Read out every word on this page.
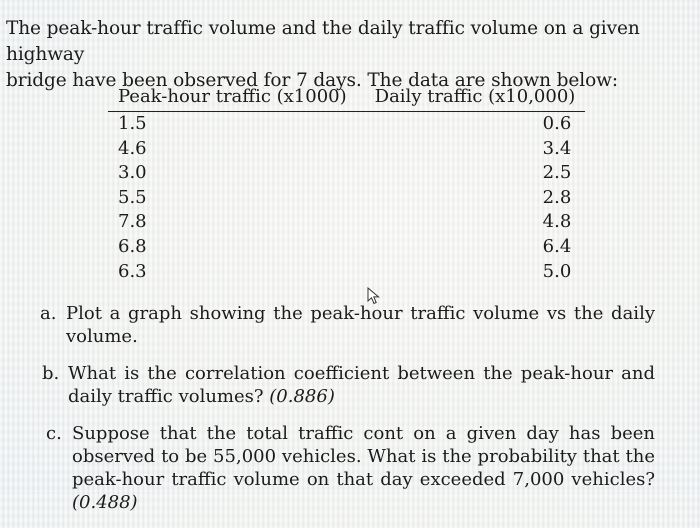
The peak-hour traffic volume and the daily traffic volume on a given highway
bridge have been observed for 7 days. The data are shown below:

Peak-hour traffic (x1000)	Daily traffic (x10,000)
1.5	0.6
4.6	3.4
3.0	2.5
5.5	2.8
7.8	4.8
6.8	6.4
6.3	5.0
a. Plot a graph showing the peak-hour traffic volume vs the daily volume.
b. What is the correlation coefficient between the peak-hour and daily traffic volumes? (0.886)
c. Suppose that the total traffic cont on a given day has been observed to be 55,000 vehicles. What is the probability that the peak-hour traffic volume on that day exceeded 7,000 vehicles? (0.488)
